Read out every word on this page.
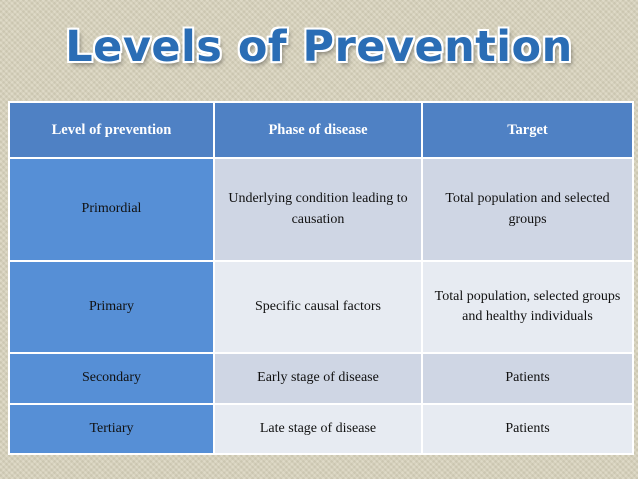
Levels of Prevention
Level of prevention	Phase of disease	Target
Primordial	Underlying condition leading to causation	Total population and selected groups
Primary	Specific causal factors	Total population, selected groups and healthy individuals
Secondary	Early stage of disease	Patients
Tertiary	Late stage of disease	Patients
